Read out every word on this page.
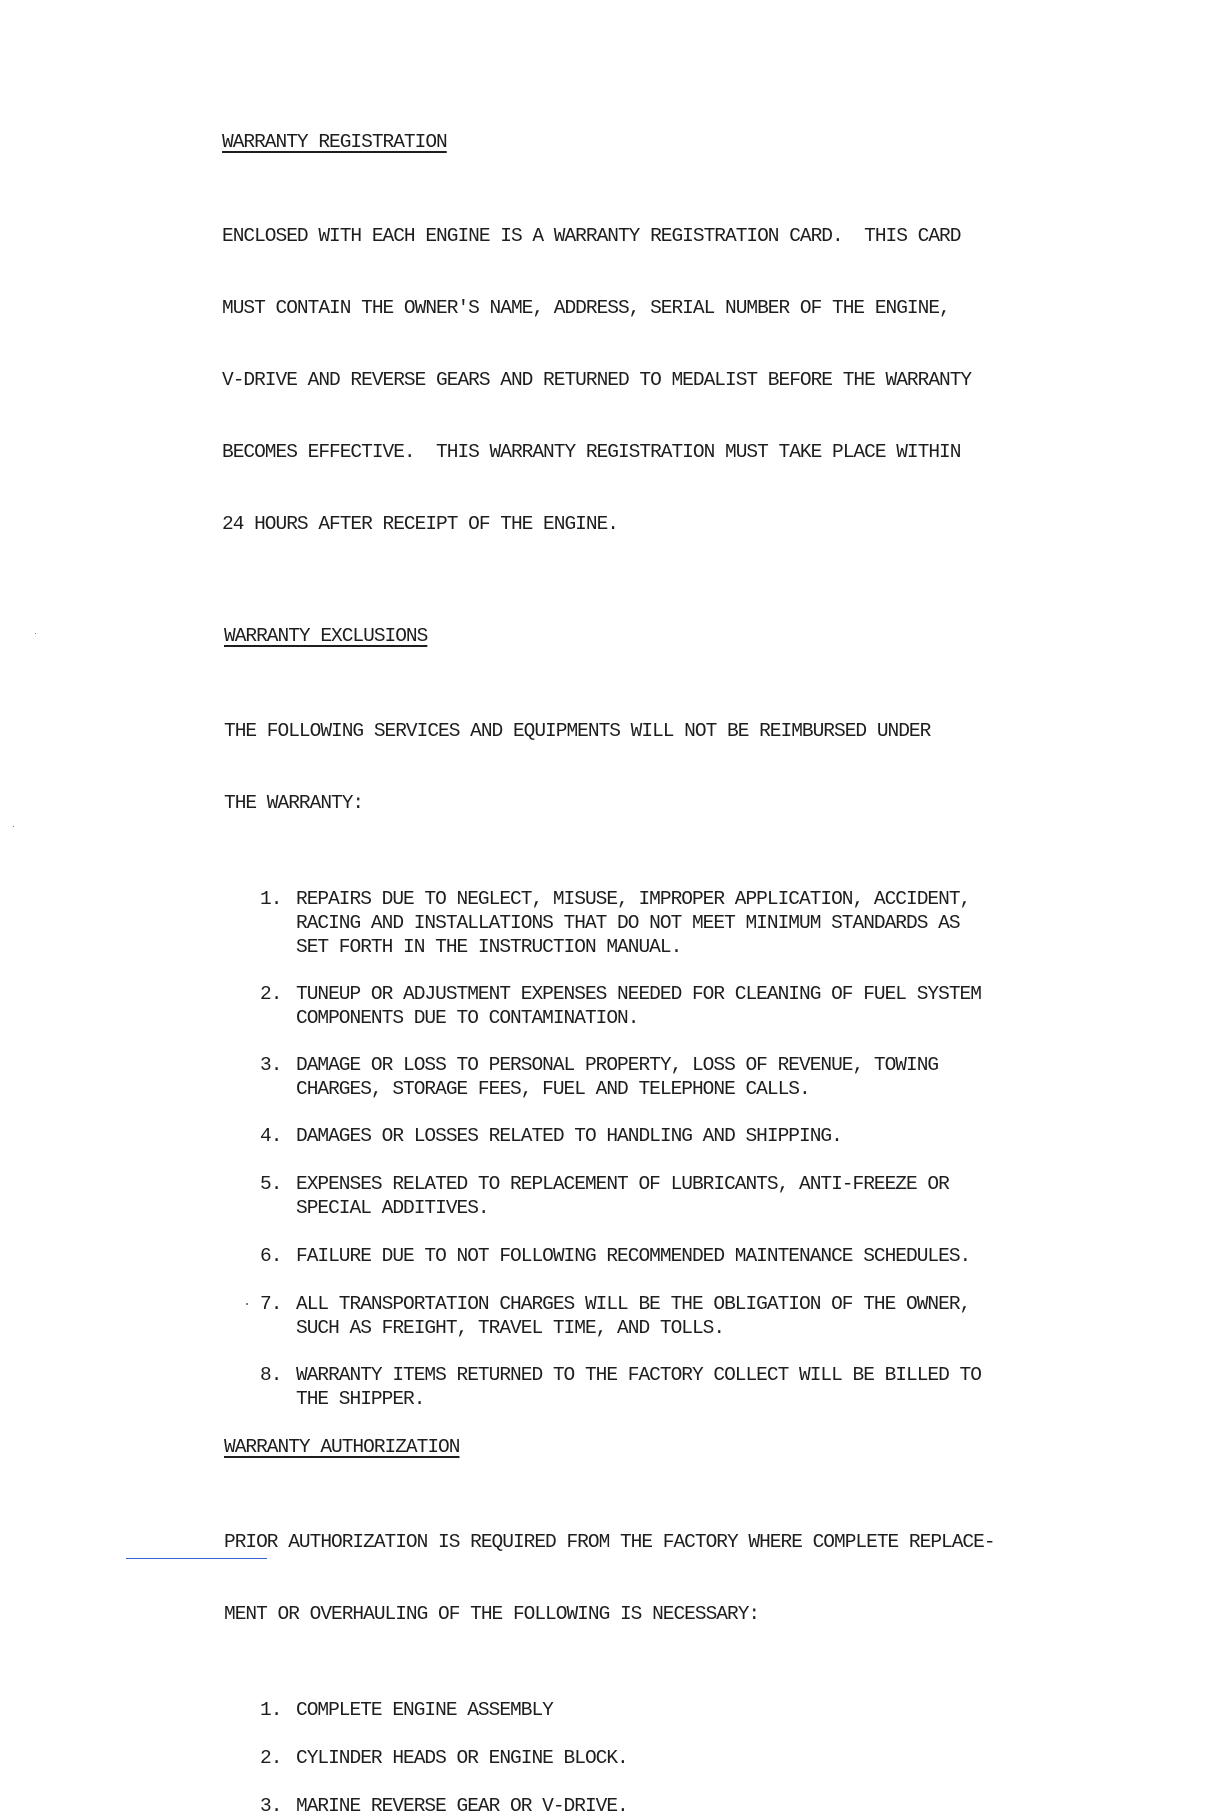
WARRANTY REGISTRATION

ENCLOSED WITH EACH ENGINE IS A WARRANTY REGISTRATION CARD.  THIS CARD

MUST CONTAIN THE OWNER'S NAME, ADDRESS, SERIAL NUMBER OF THE ENGINE,

V-DRIVE AND REVERSE GEARS AND RETURNED TO MEDALIST BEFORE THE WARRANTY

BECOMES EFFECTIVE.  THIS WARRANTY REGISTRATION MUST TAKE PLACE WITHIN

24 HOURS AFTER RECEIPT OF THE ENGINE.

WARRANTY EXCLUSIONS

THE FOLLOWING SERVICES AND EQUIPMENTS WILL NOT BE REIMBURSED UNDER

THE WARRANTY:

1. REPAIRS DUE TO NEGLECT, MISUSE, IMPROPER APPLICATION, ACCIDENT,
RACING AND INSTALLATIONS THAT DO NOT MEET MINIMUM STANDARDS AS
SET FORTH IN THE INSTRUCTION MANUAL.
2. TUNEUP OR ADJUSTMENT EXPENSES NEEDED FOR CLEANING OF FUEL SYSTEM
COMPONENTS DUE TO CONTAMINATION.
3. DAMAGE OR LOSS TO PERSONAL PROPERTY, LOSS OF REVENUE, TOWING
CHARGES, STORAGE FEES, FUEL AND TELEPHONE CALLS.
4. DAMAGES OR LOSSES RELATED TO HANDLING AND SHIPPING.
5. EXPENSES RELATED TO REPLACEMENT OF LUBRICANTS, ANTI-FREEZE OR
SPECIAL ADDITIVES.
6. FAILURE DUE TO NOT FOLLOWING RECOMMENDED MAINTENANCE SCHEDULES.
7. ALL TRANSPORTATION CHARGES WILL BE THE OBLIGATION OF THE OWNER,
SUCH AS FREIGHT, TRAVEL TIME, AND TOLLS.
8. WARRANTY ITEMS RETURNED TO THE FACTORY COLLECT WILL BE BILLED TO
THE SHIPPER.
WARRANTY AUTHORIZATION

PRIOR AUTHORIZATION IS REQUIRED FROM THE FACTORY WHERE COMPLETE REPLACE-

MENT OR OVERHAULING OF THE FOLLOWING IS NECESSARY:

1. COMPLETE ENGINE ASSEMBLY
2. CYLINDER HEADS OR ENGINE BLOCK.
3. MARINE REVERSE GEAR OR V-DRIVE.
